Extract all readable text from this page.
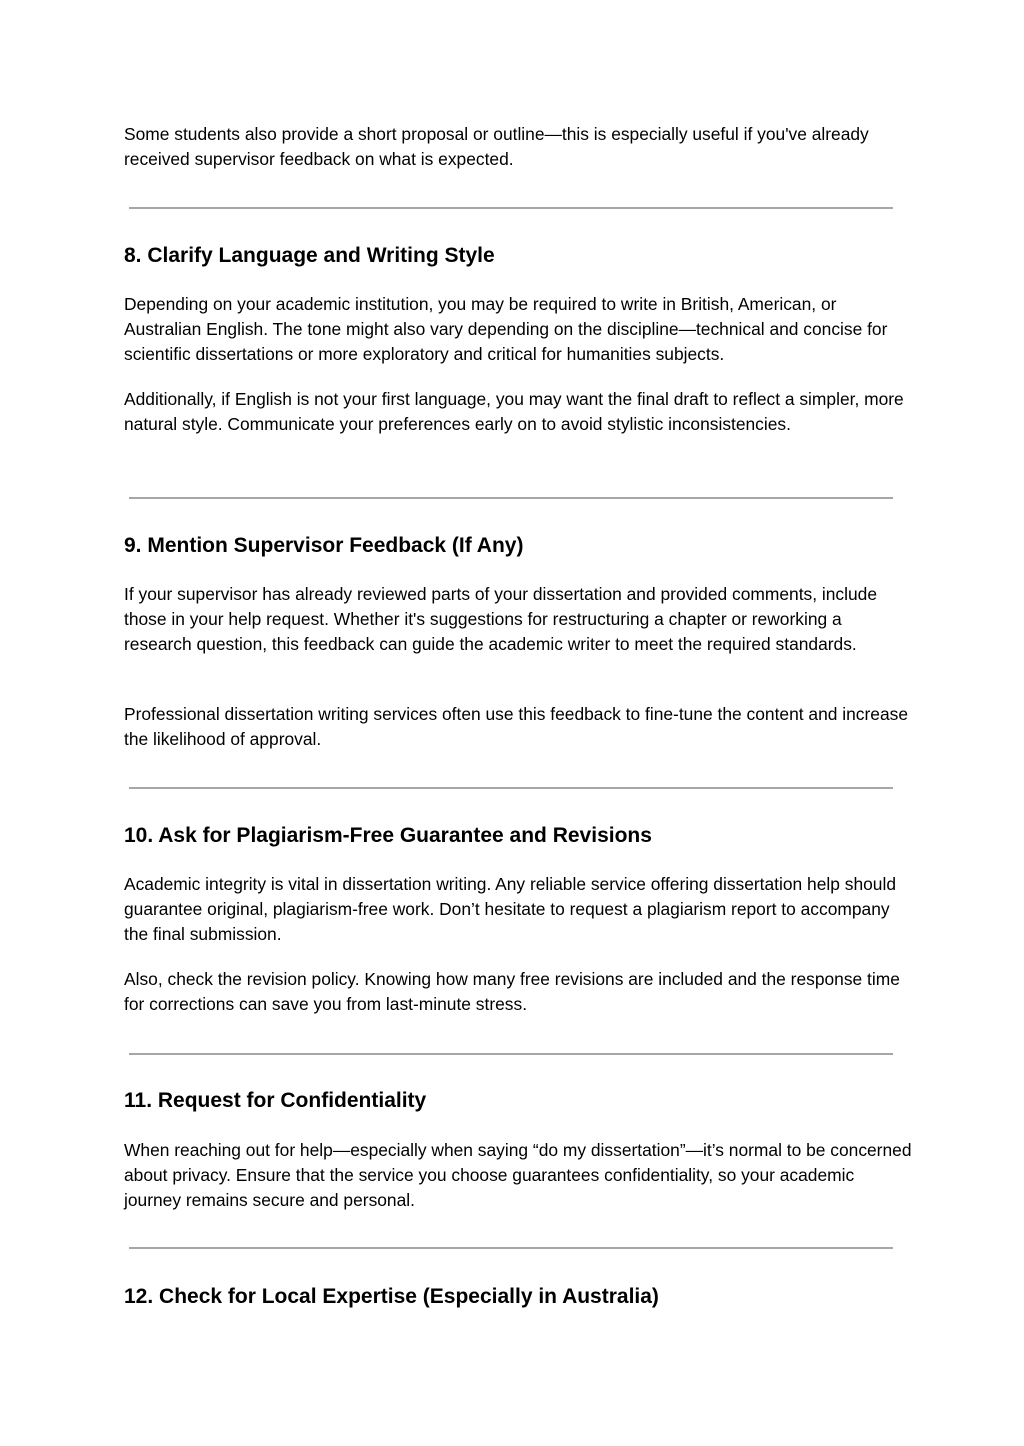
Some students also provide a short proposal or outline—this is especially useful if you've already received supervisor feedback on what is expected.

8. Clarify Language and Writing Style

Depending on your academic institution, you may be required to write in British, American, or Australian English. The tone might also vary depending on the discipline—technical and concise for scientific dissertations or more exploratory and critical for humanities subjects.

Additionally, if English is not your first language, you may want the final draft to reflect a simpler, more natural style. Communicate your preferences early on to avoid stylistic inconsistencies.

9. Mention Supervisor Feedback (If Any)

If your supervisor has already reviewed parts of your dissertation and provided comments, include those in your help request. Whether it's suggestions for restructuring a chapter or reworking a research question, this feedback can guide the academic writer to meet the required standards.

Professional dissertation writing services often use this feedback to fine-tune the content and increase the likelihood of approval.

10. Ask for Plagiarism-Free Guarantee and Revisions

Academic integrity is vital in dissertation writing. Any reliable service offering dissertation help should guarantee original, plagiarism-free work. Don’t hesitate to request a plagiarism report to accompany the final submission.

Also, check the revision policy. Knowing how many free revisions are included and the response time for corrections can save you from last-minute stress.

11. Request for Confidentiality

When reaching out for help—especially when saying “do my dissertation”—it’s normal to be concerned about privacy. Ensure that the service you choose guarantees confidentiality, so your academic journey remains secure and personal.

12. Check for Local Expertise (Especially in Australia)
